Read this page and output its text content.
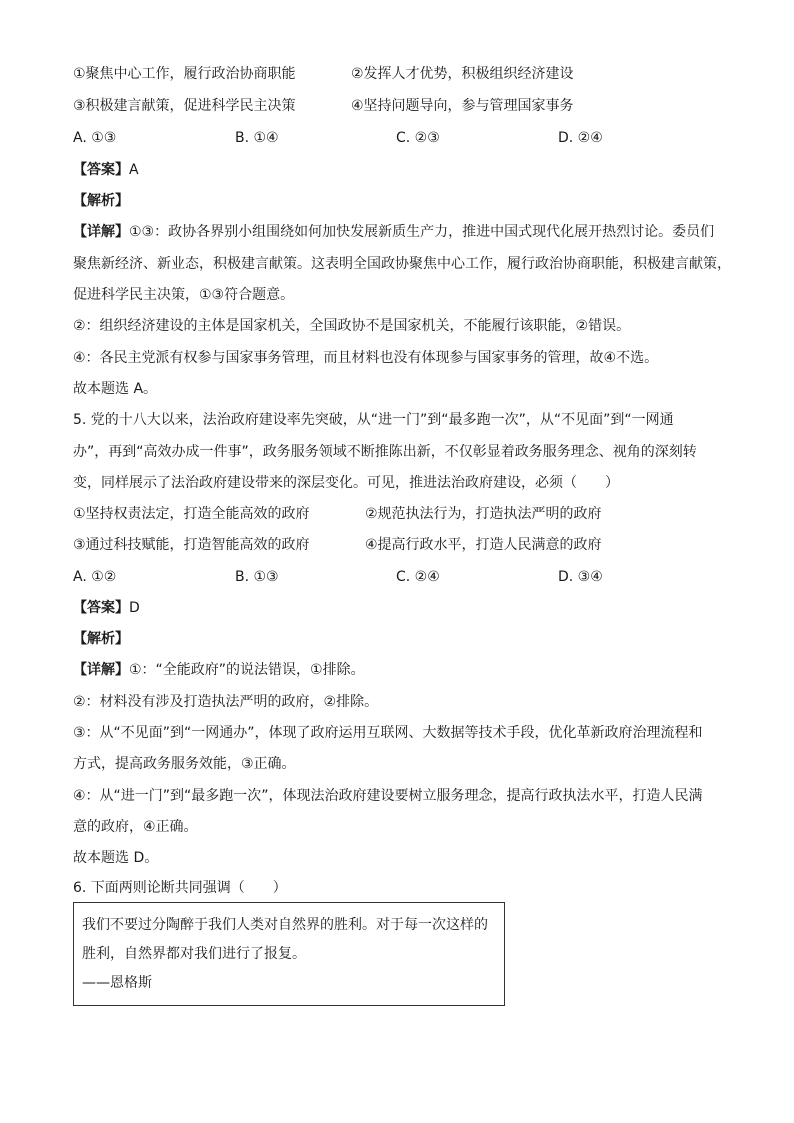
①聚焦中心工作，履行政治协商职能	②发挥人才优势，积极组织经济建设
③积极建言献策，促进科学民主决策	④坚持问题导向，参与管理国家事务
A. ①③	B. ①④	C. ②③	D. ②④
【答案】A
【解析】
【详解】①③：政协各界别小组围绕如何加快发展新质生产力，推进中国式现代化展开热烈讨论。委员们
聚焦新经济、新业态，积极建言献策。这表明全国政协聚焦中心工作，履行政治协商职能，积极建言献策，
促进科学民主决策，①③符合题意。
②：组织经济建设的主体是国家机关，全国政协不是国家机关，不能履行该职能，②错误。
④：各民主党派有权参与国家事务管理，而且材料也没有体现参与国家事务的管理，故④不选。
故本题选 A。
5. 党的十八大以来，法治政府建设率先突破，从“进一门”到“最多跑一次”，从“不见面”到“一网通
办”，再到“高效办成一件事”，政务服务领域不断推陈出新，不仅彰显着政务服务理念、视角的深刻转
变，同样展示了法治政府建设带来的深层变化。可见，推进法治政府建设，必须（　　）
①坚持权责法定，打造全能高效的政府	②规范执法行为，打造执法严明的政府
③通过科技赋能，打造智能高效的政府	④提高行政水平，打造人民满意的政府
A. ①②	B. ①③	C. ②④	D. ③④
【答案】D
【解析】
【详解】①：“全能政府”的说法错误，①排除。
②：材料没有涉及打造执法严明的政府，②排除。
③：从“不见面”到“一网通办”，体现了政府运用互联网、大数据等技术手段，优化革新政府治理流程和
方式，提高政务服务效能，③正确。
④：从“进一门”到“最多跑一次”，体现法治政府建设要树立服务理念，提高行政执法水平，打造人民满
意的政府，④正确。
故本题选 D。
6. 下面两则论断共同强调（　　）
我们不要过分陶醉于我们人类对自然界的胜利。对于每一次这样的
胜利，自然界都对我们进行了报复。
——恩格斯
